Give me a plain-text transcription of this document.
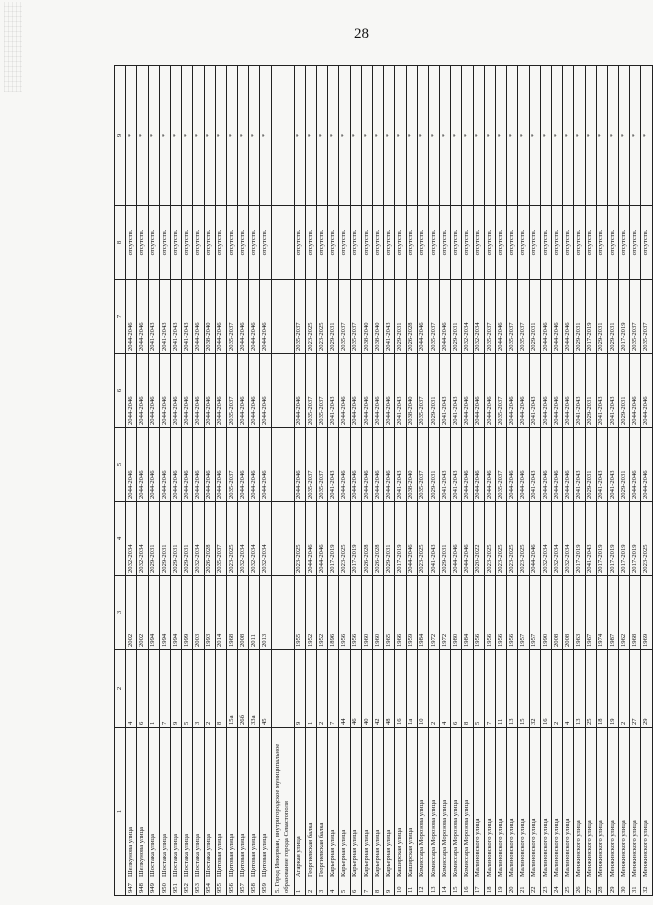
28
1	2	3	4	5	6	7	8	9

947
Шелкунова улица	4	2002	2032-2034	2044-2046	2044-2046	2044-2046	отсутств.	*

948
Шелкунова улица	6	2002	2032-2034	2044-2046	2044-2046	2044-2046	отсутств.	*

949
Шостака улица	1	1994	2029-2031	2044-2046	2044-2046	2041-2043	отсутств.	*

950
Шостака улица	7	1994	2029-2031	2044-2046	2044-2046	2041-2043	отсутств.	*

951
Шостака улица	9	1994	2029-2031	2044-2046	2044-2046	2041-2043	отсутств.	*

952
Шостака улица	5	1999	2029-2031	2044-2046	2044-2046	2041-2043	отсутств.	*

953
Шостака улица	3	2003	2032-2034	2044-2046	2044-2046	2044-2046	отсутств.	*

954
Шостака улица	2	1993	2026-2028	2044-2046	2044-2046	2038-2040	отсутств.	*

955
Щитовая улица	8	2014	2035-2037	2044-2046	2044-2046	2044-2046	отсутств.	*

956
Щитовая улица	15а	1968	2023-2025	2035-2037	2035-2037	2035-2037	отсутств.	*

957
Щитовая улица	26б	2008	2032-2034	2044-2046	2044-2046	2044-2046	отсутств.	*

958
Щитовая улица	33а	2011	2032-2034	2044-2046	2044-2046	2044-2046	отсутств.	*

959
Щитовая улица	45	2013	2032-2034	2044-2046	2044-2046	2044-2046	отсутств.	*
5. Город Инкерман, внутригородское муниципальное образование города Севастополя								

1
Агаркая улица	9	1955	2023-2025	2044-2046	2044-2046	2035-2037	отсутств.	*

2
Георгиевская балка	1	1952	2044-2046	2035-2037	2035-2037	2023-2025	отсутств.	*

3
Георгиевская балка	2	1952	2044-2046	2035-2037	2035-2037	2023-2025	отсутств.	*

4
Карьерная улица	7	1896	2017-2019	2041-2043	2041-2043	2029-2031	отсутств.	*

5
Карьерная улица	44	1956	2023-2025	2044-2046	2044-2046	2035-2037	отсутств.	*

6
Карьерная улица	46	1956	2017-2019	2044-2046	2044-2046	2035-2037	отсутств.	*

7
Карьерная улица	40	1960	2026-2028	2044-2046	2044-2046	2038-2040	отсутств.	*

8
Карьерная улица	42	1960	2026-2028	2044-2046	2044-2046	2038-2040	отсутств.	*

9
Карьерная улица	48	1965	2029-2031	2044-2046	2044-2046	2041-2043	отсутств.	*

10
Каширская улица	16	1966	2017-2019	2041-2043	2041-2043	2029-2031	отсутств.	*

11
Каширская улица	1а	1959	2044-2046	2038-2040	2038-2040	2026-2028	отсутств.	*

12
Комиссара Морозова улица	10	1984	2023-2025	2035-2037	2035-2037	2044-2046	отсутств.	*

13
Комиссара Морозова улица	2	1972	2041-2043	2029-2031	2029-2031	2035-2037	отсутств.	*

14
Комиссара Морозова улица	4	1972	2029-2031	2041-2043	2041-2043	2044-2046	отсутств.	*

15
Комиссара Морозова улица	6	1980	2044-2046	2041-2043	2041-2043	2029-2031	отсутств.	*

16
Комиссара Морозова улица	8	1984	2044-2046	2044-2046	2044-2046	2032-2034	отсутств.	*

17
Малиновского улица	5	1956	2020-2022	2044-2046	2044-2046	2032-2034	отсутств.	*

18
Малиновского улица	7	1956	2023-2025	2044-2046	2044-2046	2035-2037	отсутств.	*

19
Малиновского улица	11	1956	2023-2025	2035-2037	2035-2037	2044-2046	отсутств.	*

20
Малиновского улица	13	1956	2023-2025	2044-2046	2044-2046	2035-2037	отсутств.	*

21
Малиновского улица	15	1957	2023-2025	2044-2046	2044-2046	2035-2037	отсутств.	*

22
Малиновского улица	32	1957	2044-2046	2041-2043	2041-2043	2029-2031	отсутств.	*

23
Малиновского улица	16	1990	2032-2034	2044-2046	2044-2046	2044-2046	отсутств.	*

24
Малиновского улица	2	2008	2032-2034	2044-2046	2044-2046	2044-2046	отсутств.	*

25
Малиновского улица	4	2008	2032-2034	2044-2046	2044-2046	2044-2046	отсутств.	*

26
Менжинского улица	13	1963	2017-2019	2041-2043	2041-2043	2029-2031	отсутств.	*

27
Менжинского улица	25	1967	2041-2043	2029-2031	2029-2031	2017-2019	отсутств.	*

28
Менжинского улица	18	1974	2017-2019	2041-2043	2041-2043	2029-2031	отсутств.	*

29
Менжинского улица	19	1987	2017-2019	2041-2043	2041-2043	2029-2031	отсутств.	*

30
Менжинского улица	2	1962	2017-2019	2029-2031	2029-2031	2017-2019	отсутств.	*

31
Менжинского улица	27	1968	2017-2019	2044-2046	2044-2046	2035-2037	отсутств.	*

32
Менжинского улица	29	1969	2023-2025	2044-2046	2044-2046	2035-2037	отсутств.	*
